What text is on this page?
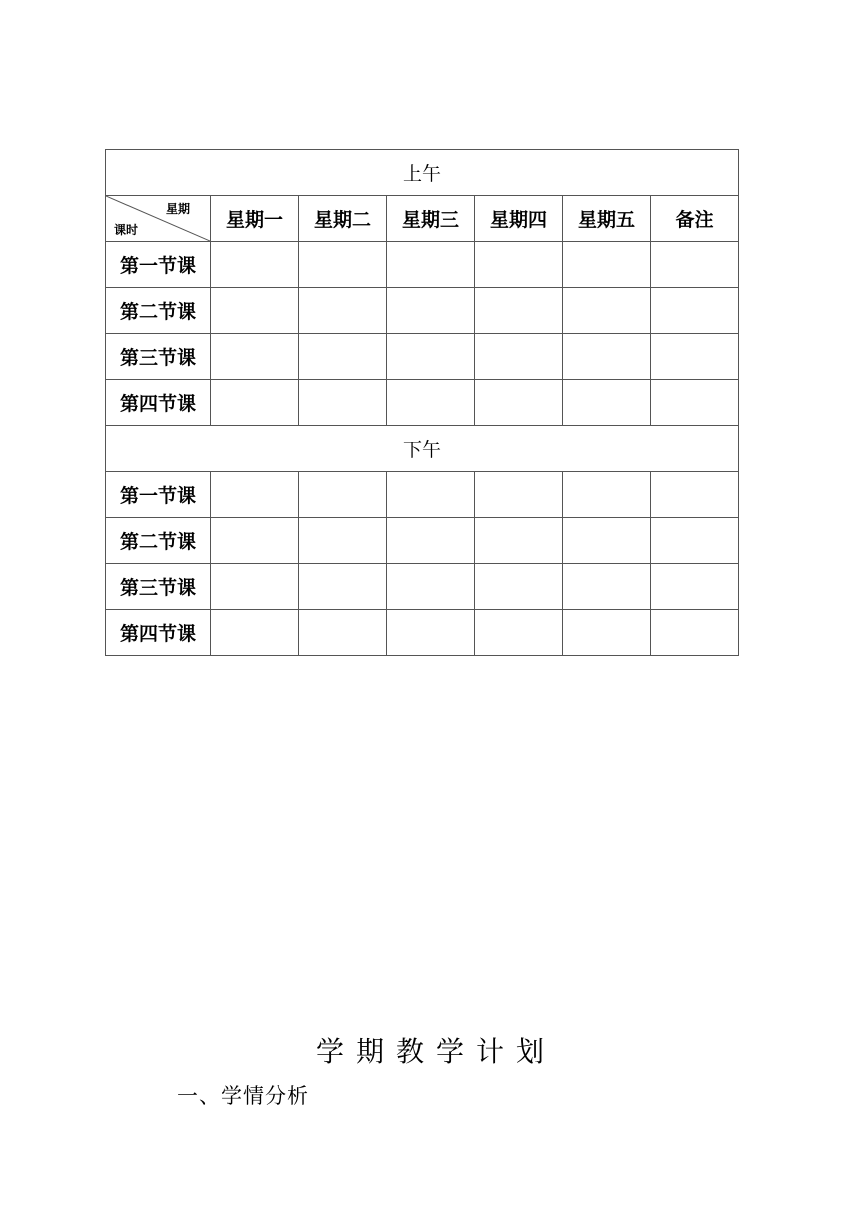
上午						

星期
课时	星期一	星期二	星期三	星期四	星期五	备注
第一节课						
第二节课						
第三节课						
第四节课						
下午						
第一节课						
第二节课						
第三节课						
第四节课						
学期教学计划
一、学情分析
